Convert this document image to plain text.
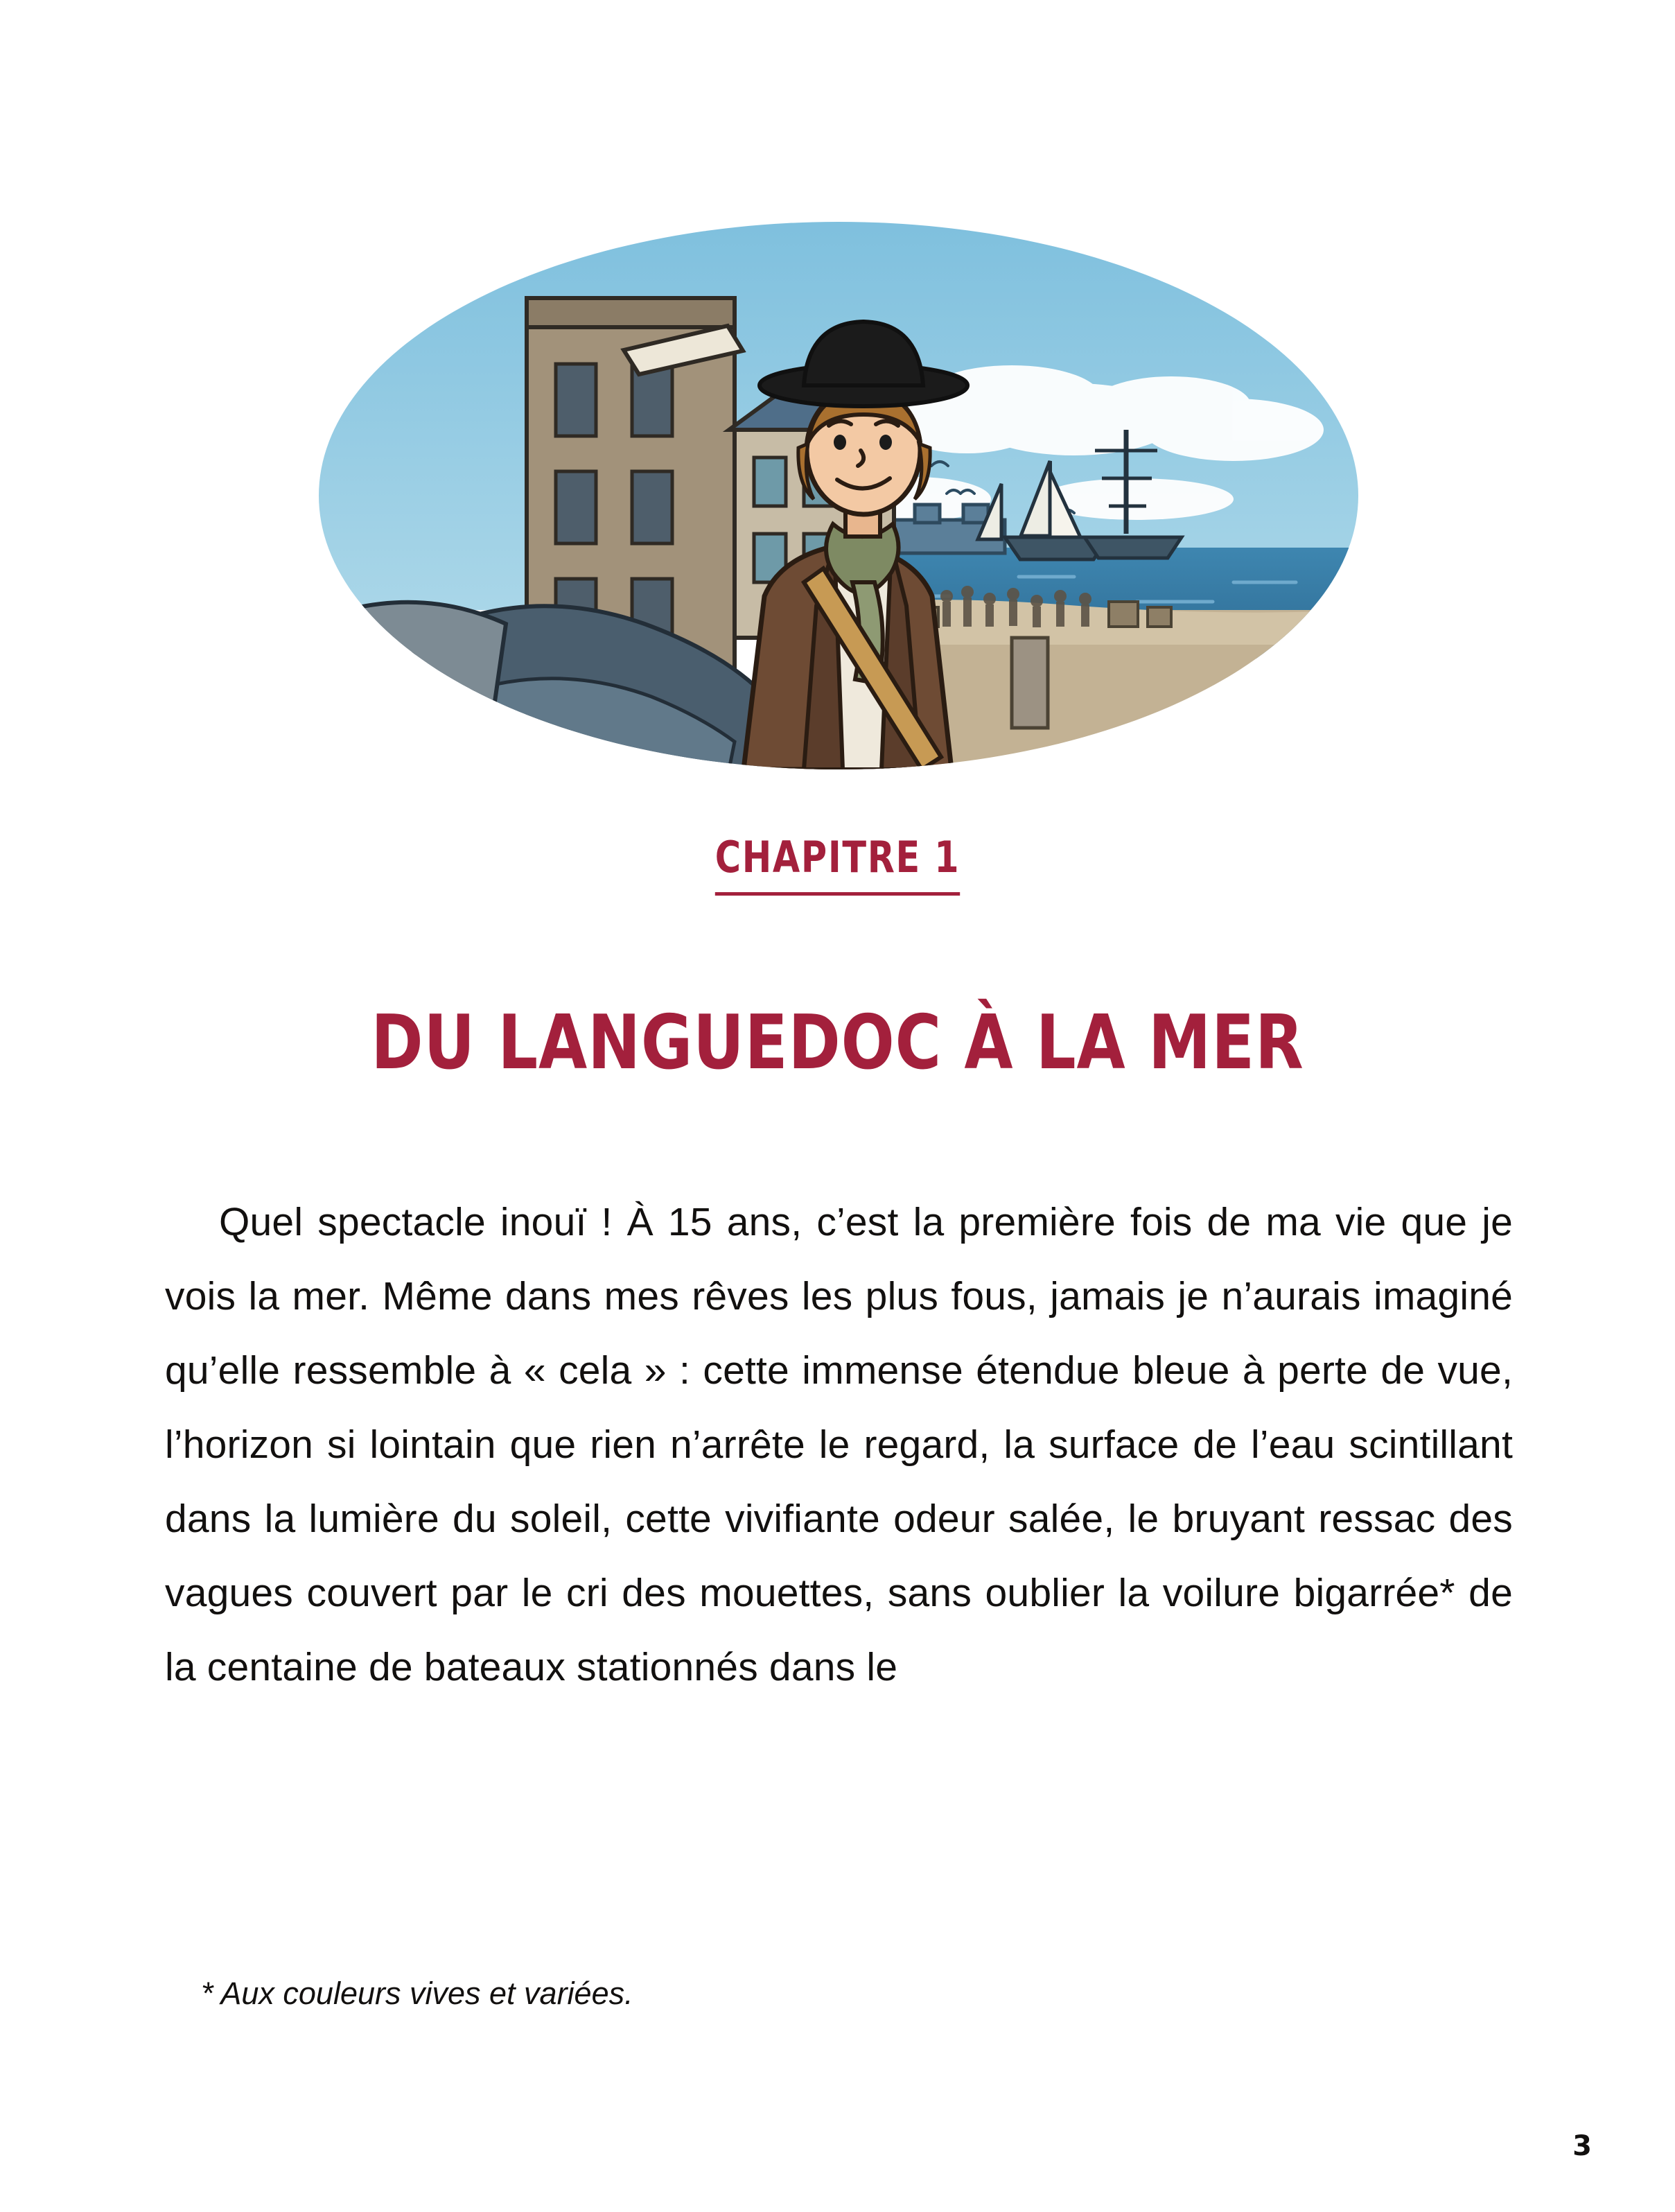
CHAPITRE 1
DU LANGUEDOC À LA MER

Quel spectacle inouï ! À 15 ans, c’est la première fois de ma vie que je vois la mer. Même dans mes rêves les plus fous, jamais je n’aurais imaginé qu’elle ressemble à « cela » : cette immense étendue bleue à perte de vue, l’horizon si lointain que rien n’arrête le regard, la surface de l’eau scintillant dans la lumière du soleil, cette vivifiante odeur salée, le bruyant ressac des vagues couvert par le cri des mouettes, sans oublier la voilure bigarrée* de la centaine de bateaux stationnés dans le

* Aux couleurs vives et variées.
3
